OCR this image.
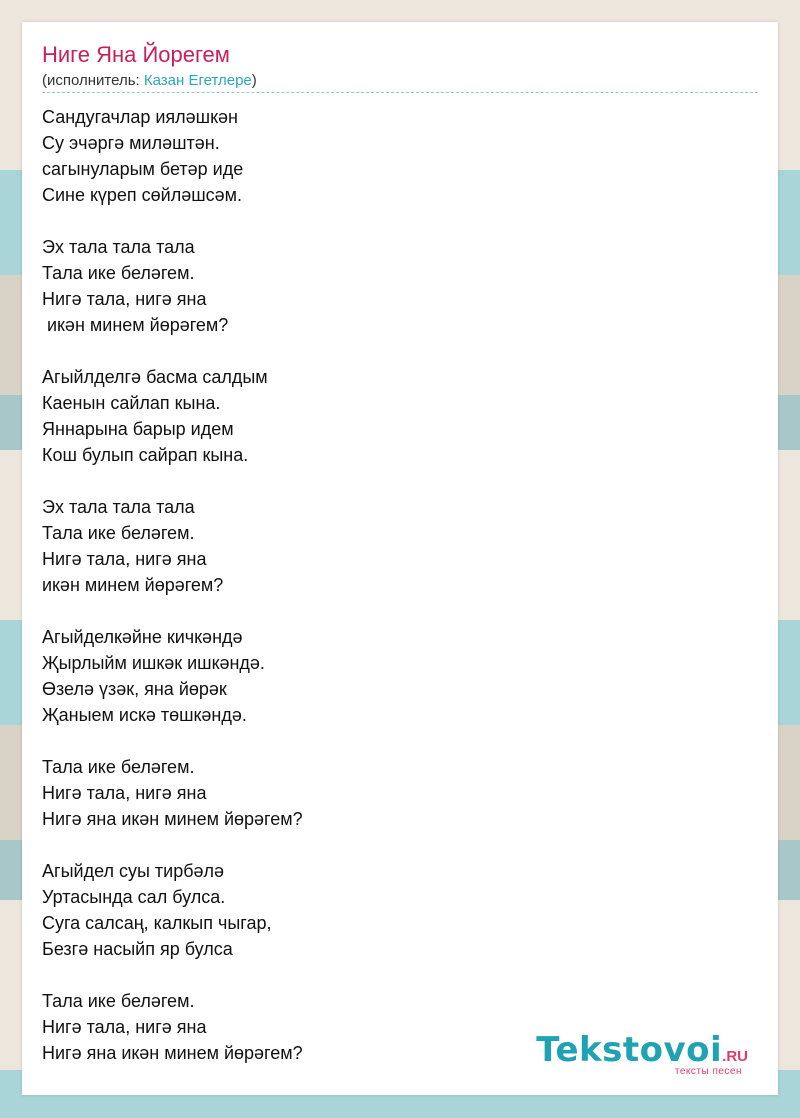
Ниге Яна Йорегем
(исполнитель: Казан Егетлере)
Сандугачлар иялəшкəн
Су эчəргə милəштəн.
сагынуларым бетəр иде
Сине күреп сөйлəшсəм.
Эх тала тала тала
Тала ике белəгем.
Нигə тала, нигə яна
икəн минем йөрəгем?
Агыйлделгə басма салдым
Каенын сайлап кына.
Яннарына барыр идем
Кош булып сайрап кына.
Эх тала тала тала
Тала ике белəгем.
Нигə тала, нигə яна
икəн минем йөрəгем?
Агыйделкəйне кичкəндə
Җырлыйм ишкəк ишкəндə.
Өзелə үзəк, яна йөрəк
Җаныем искə төшкəндə.
Тала ике белəгем.
Нигə тала, нигə яна
Нигə яна икəн минем йөрəгем?
Агыйдел суы тирбəлə
Уртасында сал булса.
Суга салсаң, калкып чыгар,
Безгə насыйп яр булса
Тала ике белəгем.
Нигə тала, нигə яна
Нигə яна икəн минем йөрəгем?	Tekstovoi.RU
тексты песен
